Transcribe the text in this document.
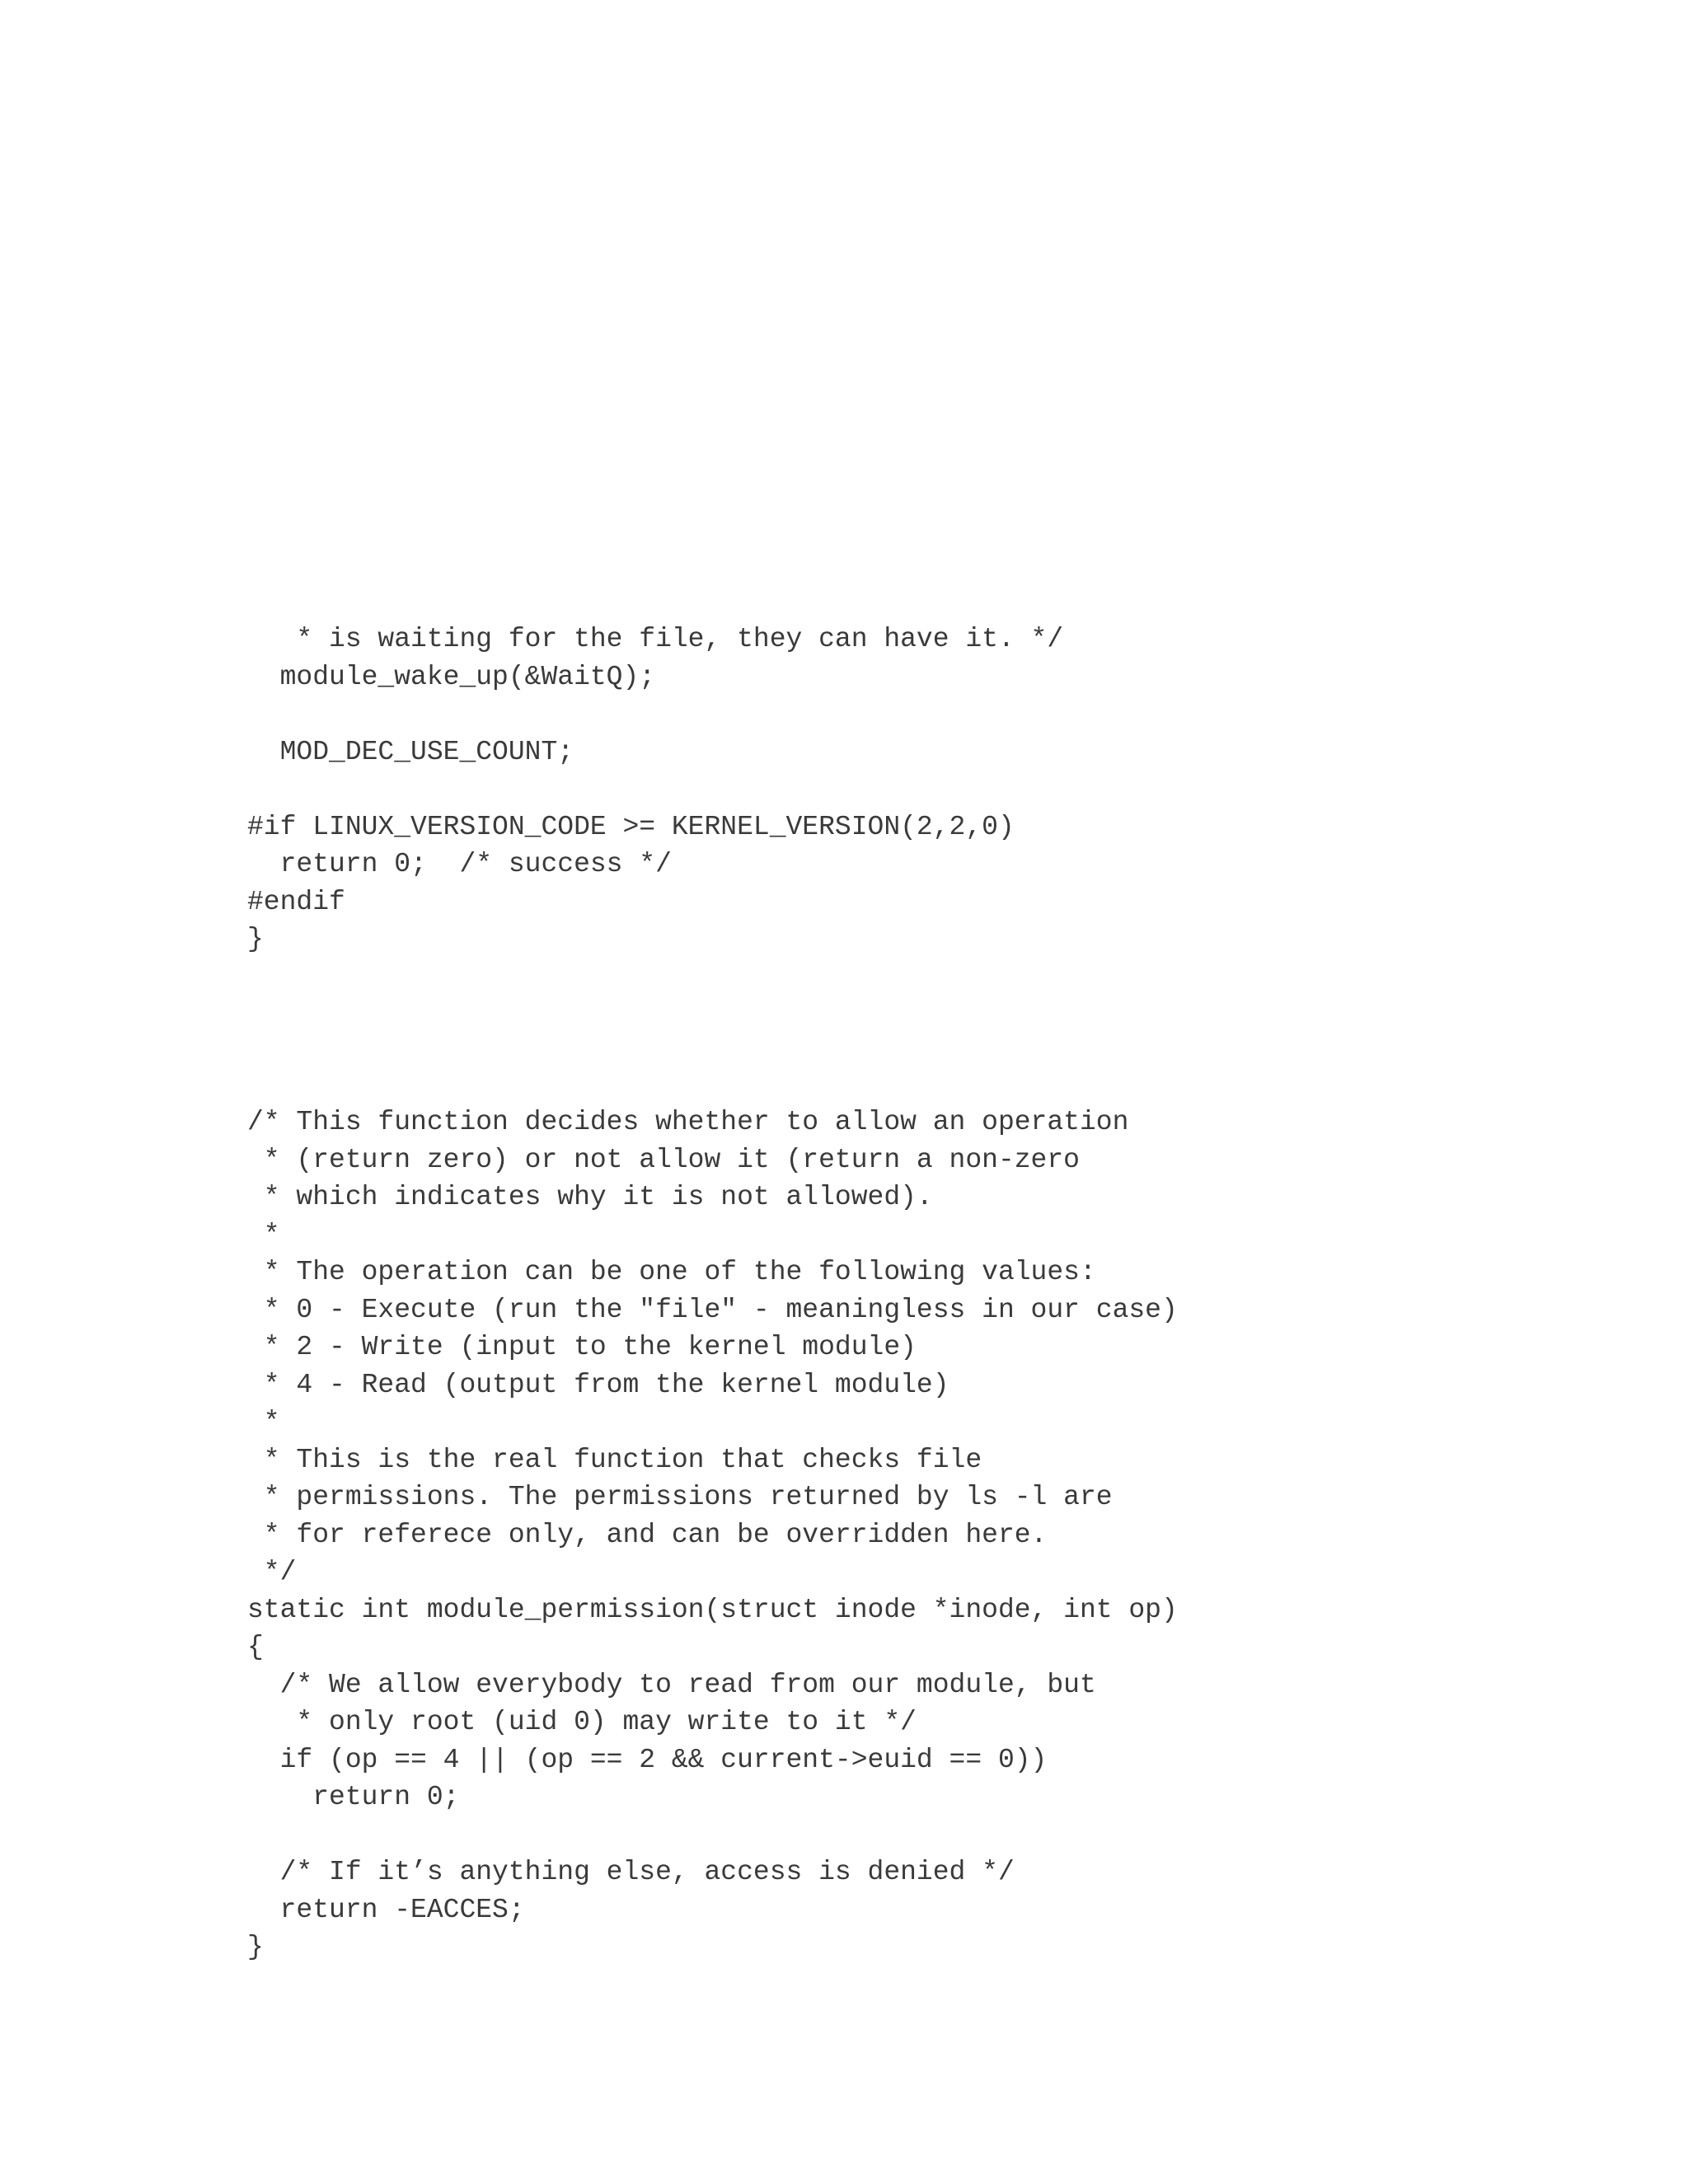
* is waiting for the file, they can have it. */
module_wake_up(&WaitQ);
MOD_DEC_USE_COUNT;
#if LINUX_VERSION_CODE >= KERNEL_VERSION(2,2,0)
return 0;  /* success */
#endif
}
/* This function decides whether to allow an operation
* (return zero) or not allow it (return a non-zero
* which indicates why it is not allowed).
*
* The operation can be one of the following values:
* 0 - Execute (run the "file" - meaningless in our case)
* 2 - Write (input to the kernel module)
* 4 - Read (output from the kernel module)
*
* This is the real function that checks file
* permissions. The permissions returned by ls -l are
* for referece only, and can be overridden here.
*/
static int module_permission(struct inode *inode, int op)
{
/* We allow everybody to read from our module, but
* only root (uid 0) may write to it */
if (op == 4 || (op == 2 && current->euid == 0))
return 0;
/* If it’s anything else, access is denied */
return -EACCES;
}
